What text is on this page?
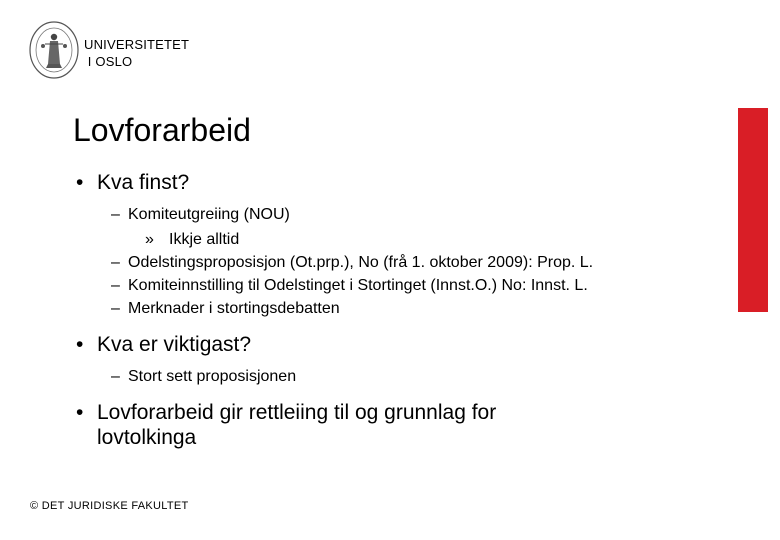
UNIVERSITETET
I OSLO
Lovforarbeid
• Kva finst?
– Komiteutgreiing (NOU)
» Ikkje alltid
– Odelstingsproposisjon (Ot.prp.), No (frå 1. oktober 2009): Prop. L.
– Komiteinnstilling til Odelstinget i Stortinget (Innst.O.) No: Innst. L.
– Merknader i stortingsdebatten
• Kva er viktigast?
– Stort sett proposisjonen
• Lovforarbeid gir rettleiing til og grunnlag for lovtolkinga
© DET JURIDISKE FAKULTET
